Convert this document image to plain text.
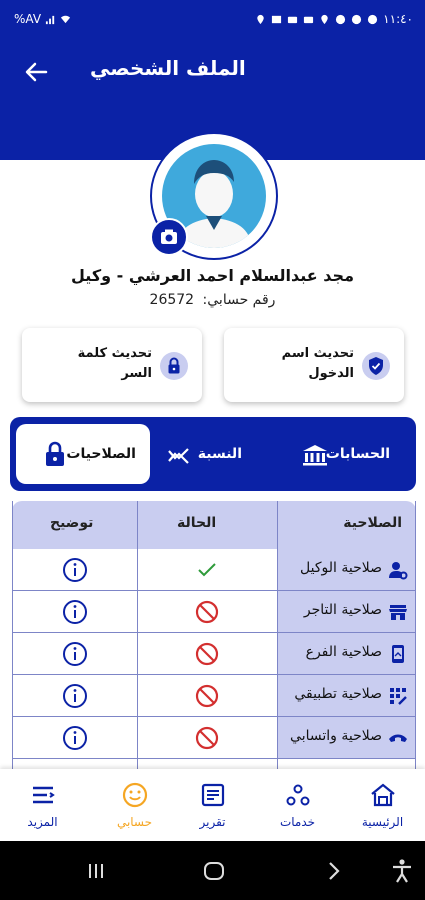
%AV	١١:٤٠
الملف الشخصي
مجد عبدالسلام احمد العرشي - وكيل
رقم حسابي: 26572
تحديث اسم الدخول
تحديث كلمة السر
الحسابات
النسبة
الصلاحيات
الصلاحية
الحالة
توضيح
صلاحية الوكيل
صلاحية التاجر
صلاحية الفرع
صلاحية تطبيقي
صلاحية واتسابي
الرئيسية
خدمات
تقرير
حسابي
المزيد
